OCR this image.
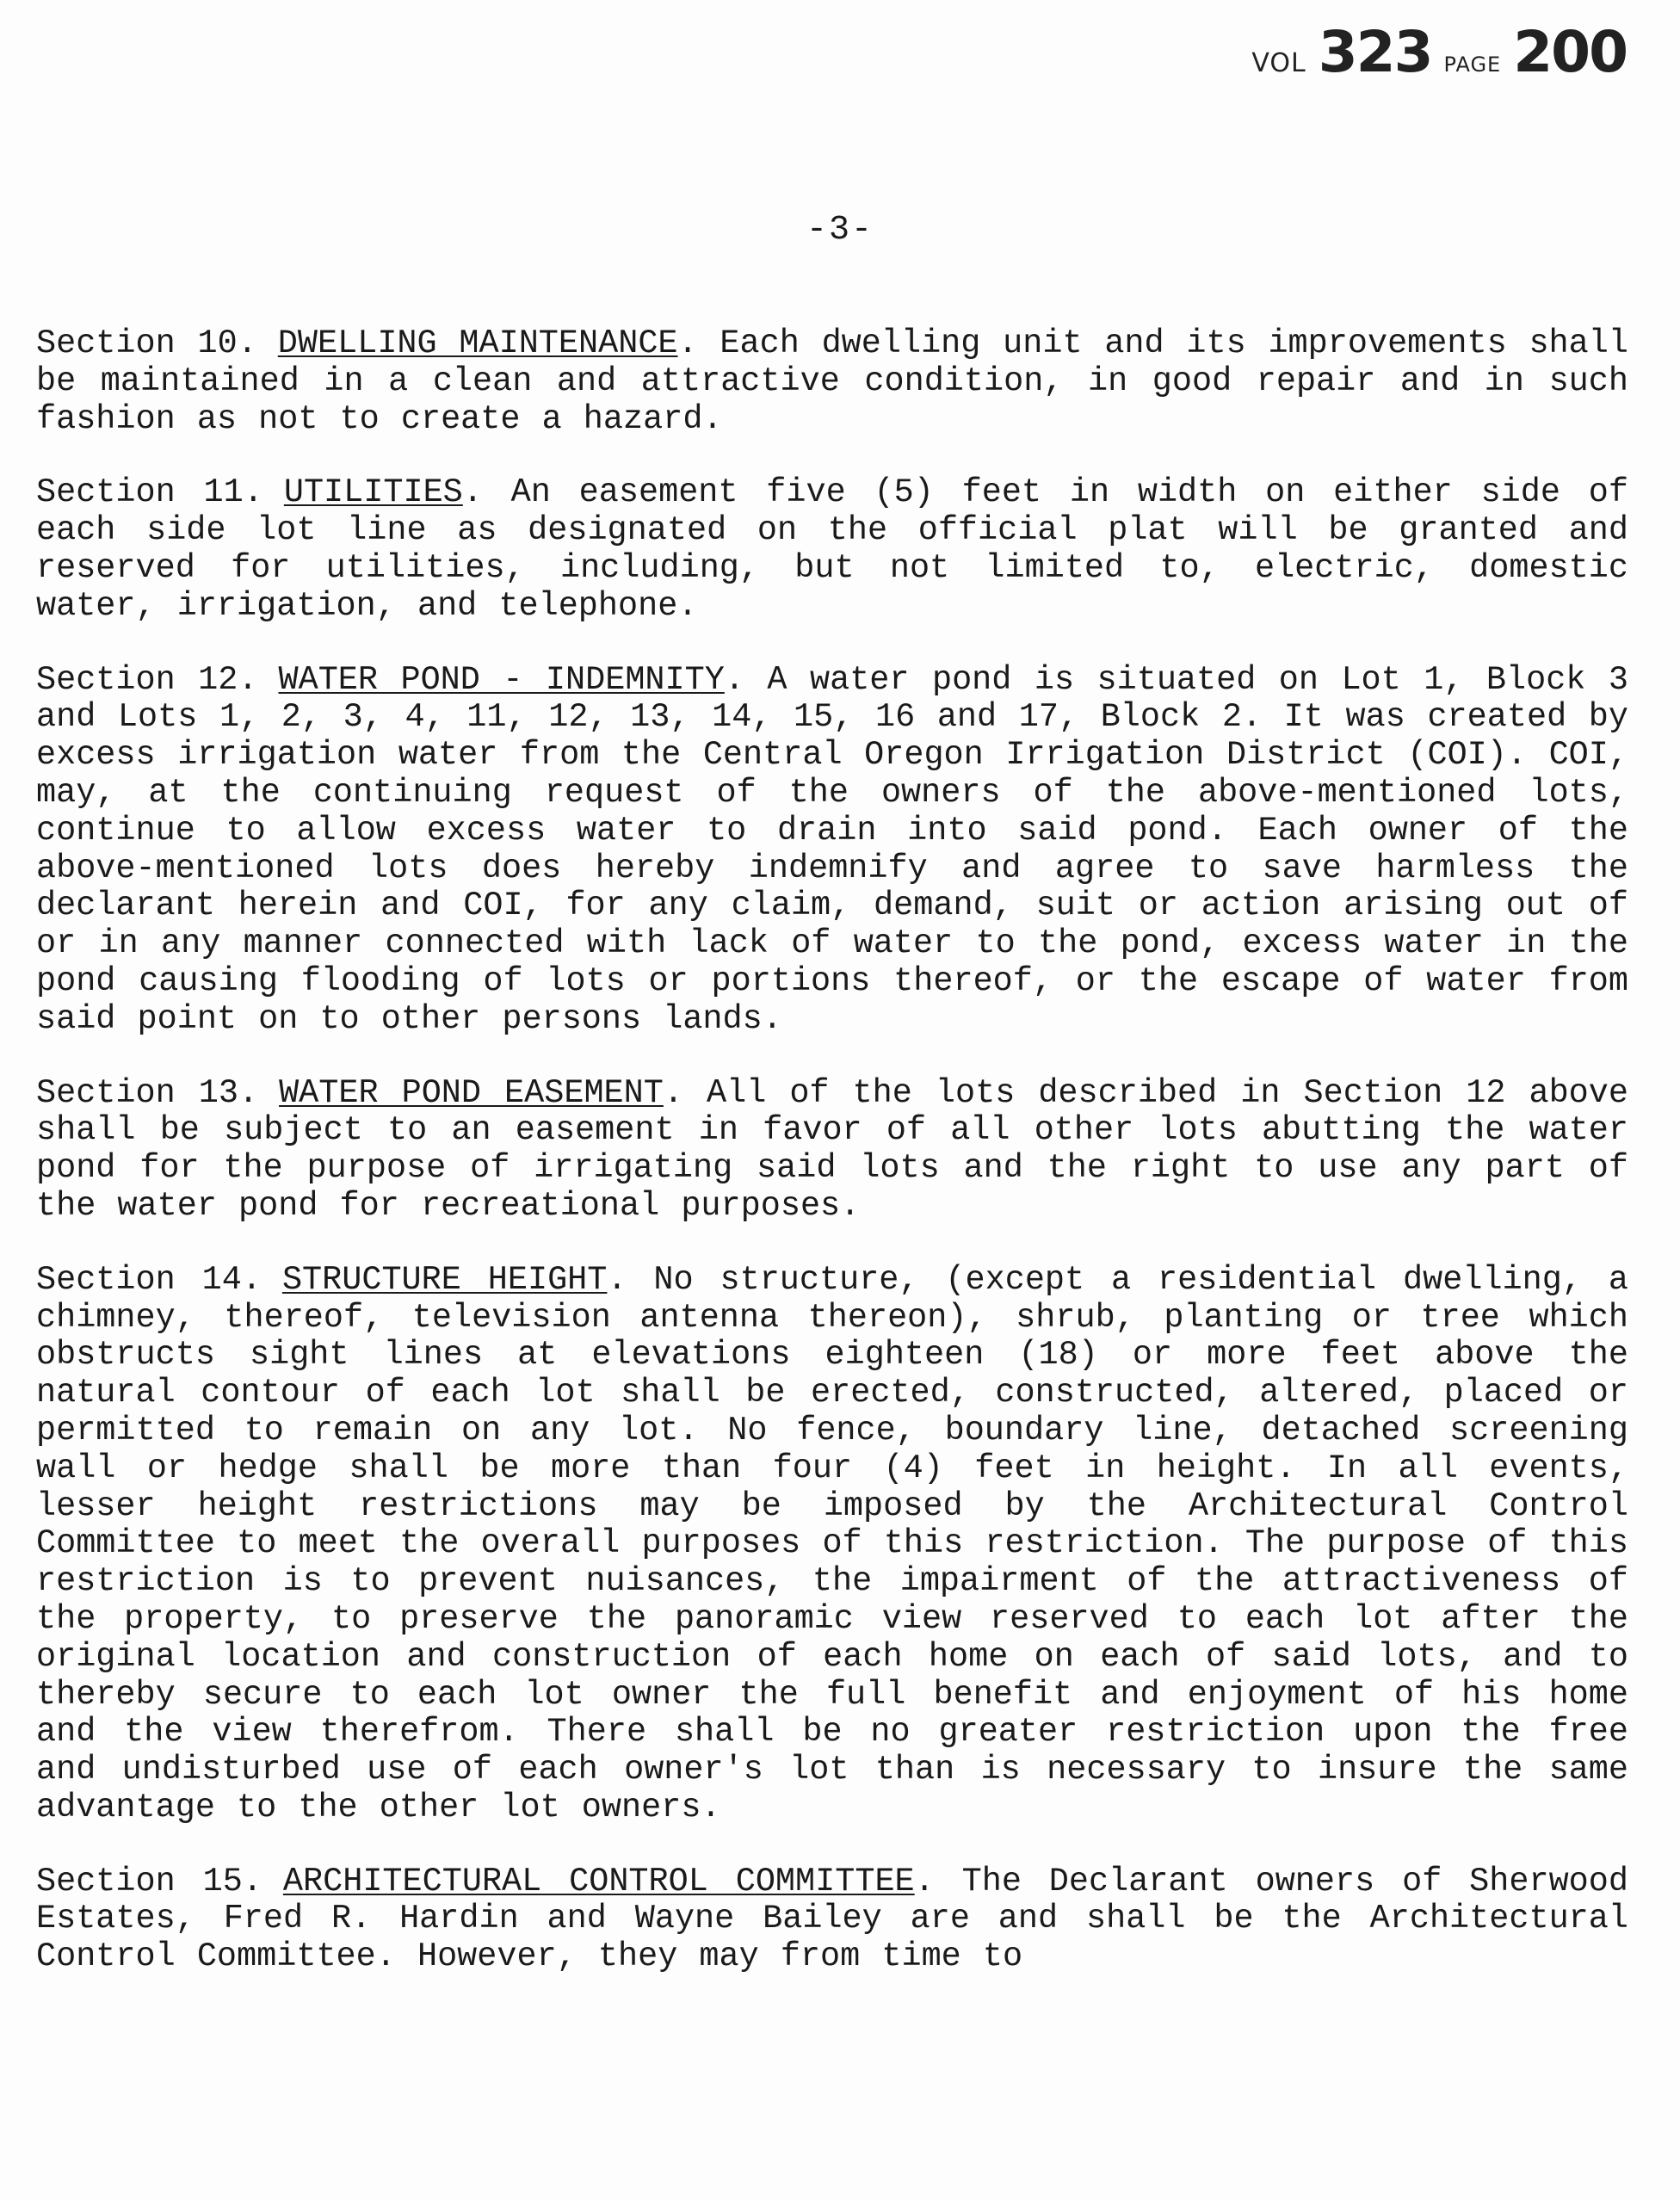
VOL 323 PAGE 200
-3-

Section 10. DWELLING MAINTENANCE. Each dwelling unit and its improvements shall be maintained in a clean and attractive condition, in good repair and in such fashion as not to create a hazard.

Section 11. UTILITIES. An easement five (5) feet in width on either side of each side lot line as designated on the official plat will be granted and reserved for utilities, including, but not limited to, electric, domestic water, irrigation, and telephone.

Section 12. WATER POND - INDEMNITY. A water pond is situated on Lot 1, Block 3 and Lots 1, 2, 3, 4, 11, 12, 13, 14, 15, 16 and 17, Block 2. It was created by excess irrigation water from the Central Oregon Irrigation District (COI). COI, may, at the continuing request of the owners of the above-mentioned lots, continue to allow excess water to drain into said pond. Each owner of the above-mentioned lots does hereby indemnify and agree to save harmless the declarant herein and COI, for any claim, demand, suit or action arising out of or in any manner connected with lack of water to the pond, excess water in the pond causing flooding of lots or portions thereof, or the escape of water from said point on to other persons lands.

Section 13. WATER POND EASEMENT. All of the lots described in Section 12 above shall be subject to an easement in favor of all other lots abutting the water pond for the purpose of irrigating said lots and the right to use any part of the water pond for recreational purposes.

Section 14. STRUCTURE HEIGHT. No structure, (except a residential dwelling, a chimney, thereof, television antenna thereon), shrub, planting or tree which obstructs sight lines at elevations eighteen (18) or more feet above the natural contour of each lot shall be erected, constructed, altered, placed or permitted to remain on any lot. No fence, boundary line, detached screening wall or hedge shall be more than four (4) feet in height. In all events, lesser height restrictions may be imposed by the Architectural Control Committee to meet the overall purposes of this restriction. The purpose of this restriction is to prevent nuisances, the impairment of the attractiveness of the property, to preserve the panoramic view reserved to each lot after the original location and construction of each home on each of said lots, and to thereby secure to each lot owner the full benefit and enjoyment of his home and the view therefrom. There shall be no greater restriction upon the free and undisturbed use of each owner's lot than is necessary to insure the same advantage to the other lot owners.

Section 15. ARCHITECTURAL CONTROL COMMITTEE. The Declarant owners of Sherwood Estates, Fred R. Hardin and Wayne Bailey are and shall be the Architectural Control Committee. However, they may from time to
